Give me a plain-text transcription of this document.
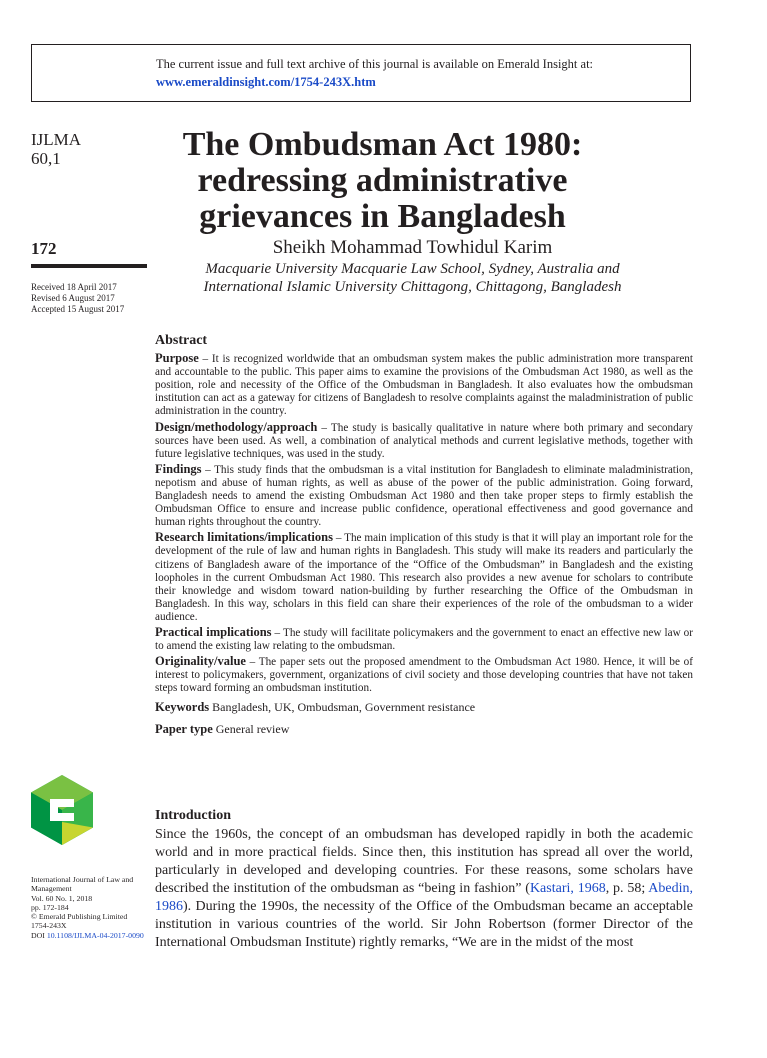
The current issue and full text archive of this journal is available on Emerald Insight at:
www.emeraldinsight.com/1754-243X.htm
IJLMA
60,1
172
Received 18 April 2017
Revised 6 August 2017
Accepted 15 August 2017
The Ombudsman Act 1980:
redressing administrative
grievances in Bangladesh
Sheikh Mohammad Towhidul Karim
Macquarie University Macquarie Law School, Sydney, Australia and
International Islamic University Chittagong, Chittagong, Bangladesh
Abstract

Purpose – It is recognized worldwide that an ombudsman system makes the public administration more transparent and accountable to the public. This paper aims to examine the provisions of the Ombudsman Act 1980, as well as the position, role and necessity of the Office of the Ombudsman in Bangladesh. It also evaluates how the ombudsman institution can act as a gateway for citizens of Bangladesh to resolve complaints against the maladministration of public administration in the country.

Design/methodology/approach – The study is basically qualitative in nature where both primary and secondary sources have been used. As well, a combination of analytical methods and current legislative methods, together with future legislative techniques, was used in the study.

Findings – This study finds that the ombudsman is a vital institution for Bangladesh to eliminate maladministration, nepotism and abuse of human rights, as well as abuse of the power of the public administration. Going forward, Bangladesh needs to amend the existing Ombudsman Act 1980 and then take proper steps to firmly establish the Ombudsman Office to ensure and increase public confidence, operational effectiveness and good governance and human rights throughout the country.

Research limitations/implications – The main implication of this study is that it will play an important role for the development of the rule of law and human rights in Bangladesh. This study will make its readers and particularly the citizens of Bangladesh aware of the importance of the “Office of the Ombudsman” in Bangladesh and the existing loopholes in the current Ombudsman Act 1980. This research also provides a new avenue for scholars to contribute their knowledge and wisdom toward nation-building by further researching the Office of the Ombudsman in Bangladesh. In this way, scholars in this field can share their experiences of the role of the ombudsman to a wider audience.

Practical implications – The study will facilitate policymakers and the government to enact an effective new law or to amend the existing law relating to the ombudsman.

Originality/value – The paper sets out the proposed amendment to the Ombudsman Act 1980. Hence, it will be of interest to policymakers, government, organizations of civil society and those developing countries that have not taken steps toward forming an ombudsman institution.

Keywords Bangladesh, UK, Ombudsman, Government resistance

Paper type General review

International Journal of Law and Management
Vol. 60 No. 1, 2018
pp. 172-184
© Emerald Publishing Limited
1754-243X
DOI 10.1108/IJLMA-04-2017-0090
Introduction

Since the 1960s, the concept of an ombudsman has developed rapidly in both the academic world and in more practical fields. Since then, this institution has spread all over the world, particularly in developed and developing countries. For these reasons, some scholars have described the institution of the ombudsman as “being in fashion” (Kastari, 1968, p. 58; Abedin, 1986). During the 1990s, the necessity of the Office of the Ombudsman became an acceptable institution in various countries of the world. Sir John Robertson (former Director of the International Ombudsman Institute) rightly remarks, “We are in the midst of the most
